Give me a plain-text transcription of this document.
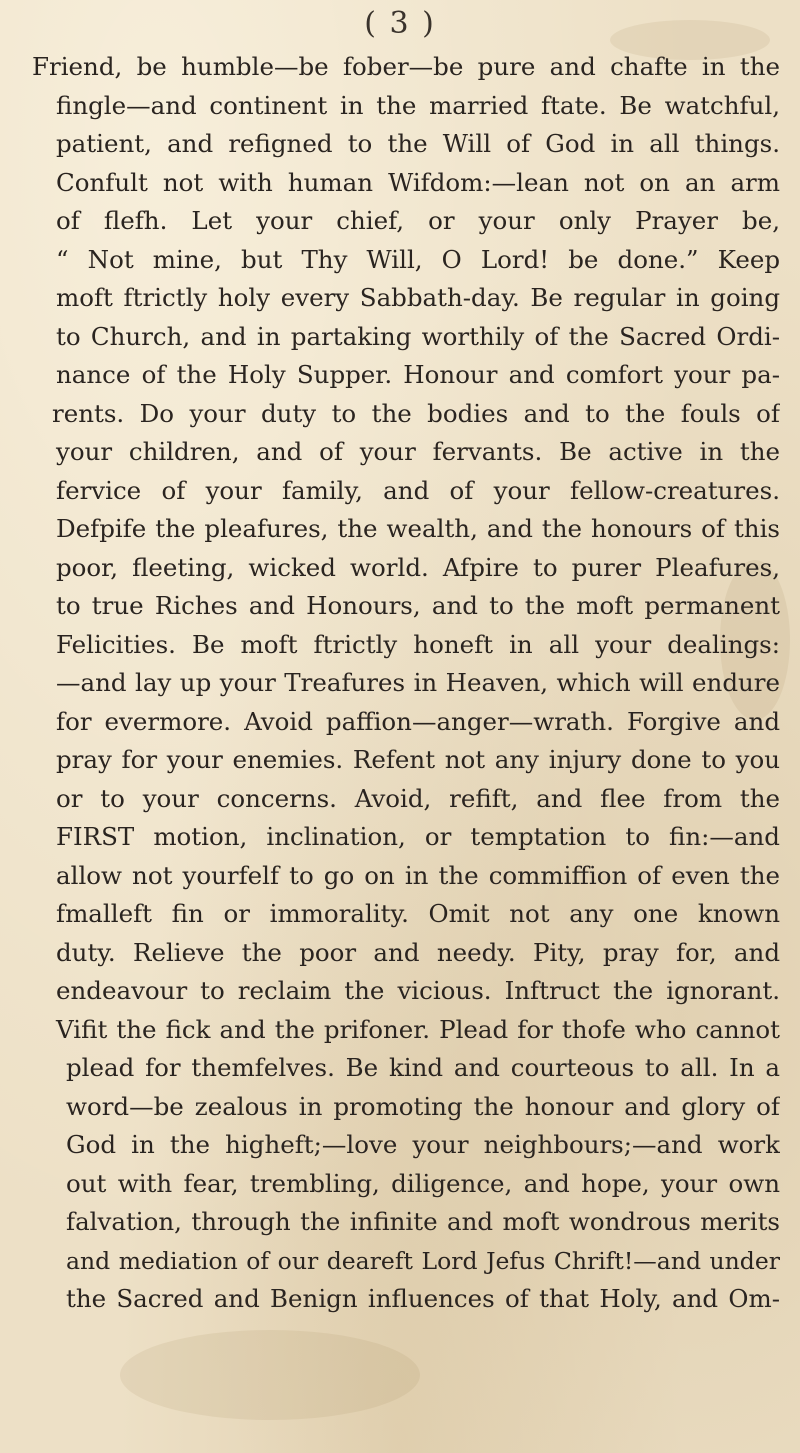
( 3 )
Friend, be humble—be fober—be pure and chafte in the
fingle—and continent in the married ftate. Be watchful,
patient, and refigned to the Will of God in all things.
Confult not with human Wifdom:—lean not on an arm
of flefh. Let your chief, or your only Prayer be,
“ Not mine, but Thy Will, O Lord! be done.” Keep
moft ftrictly holy every Sabbath-day. Be regular in going
to Church, and in partaking worthily of the Sacred Ordi-
nance of the Holy Supper. Honour and comfort your pa-
rents. Do your duty to the bodies and to the fouls of
your children, and of your fervants. Be active in the
fervice of your family, and of your fellow-creatures.
Defpife the pleafures, the wealth, and the honours of this
poor, fleeting, wicked world. Afpire to purer Pleafures,
to true Riches and Honours, and to the moft permanent
Felicities. Be moft ftrictly honeft in all your dealings:
—and lay up your Treafures in Heaven, which will endure
for evermore. Avoid paffion—anger—wrath. Forgive and
pray for your enemies. Refent not any injury done to you
or to your concerns. Avoid, refift, and flee from the
FIRST motion, inclination, or temptation to fin:—and
allow not yourfelf to go on in the commiffion of even the
fmalleft fin or immorality. Omit not any one known
duty. Relieve the poor and needy. Pity, pray for, and
endeavour to reclaim the vicious. Inftruct the ignorant.
Vifit the fick and the prifoner. Plead for thofe who cannot
plead for themfelves. Be kind and courteous to all. In a
word—be zealous in promoting the honour and glory of
God in the higheft;—love your neighbours;—and work
out with fear, trembling, diligence, and hope, your own
falvation, through the infinite and moft wondrous merits
and mediation of our deareft Lord Jefus Chrift!—and under
the Sacred and Benign influences of that Holy, and Om-
